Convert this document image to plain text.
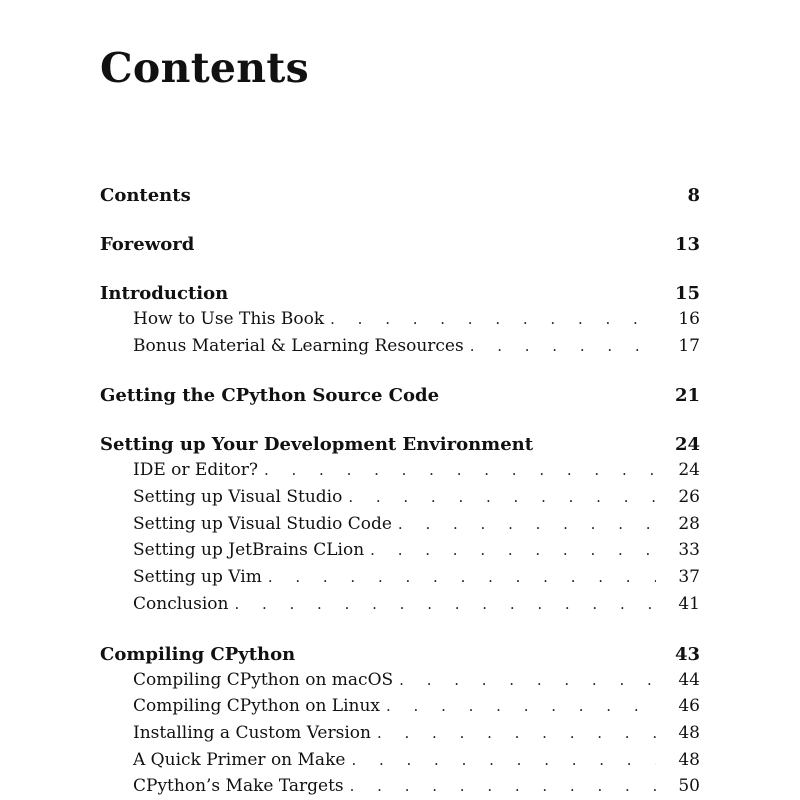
Contents
Contents	8
Foreword	13
Introduction	15
How to Use This Book . . .	16
Bonus Material & Learning Resources . . .	17
Getting the CPython Source Code	21
Setting up Your Development Environment	24
IDE or Editor? . . .	24
Setting up Visual Studio . . .	26
Setting up Visual Studio Code . . .	28
Setting up JetBrains CLion . . .	33
Setting up Vim . . .	37
Conclusion . . .	41
Compiling CPython	43
Compiling CPython on macOS . . .	44
Compiling CPython on Linux . . .	46
Installing a Custom Version . . .	48
A Quick Primer on Make . . .	48
CPython’s Make Targets . . .	50
